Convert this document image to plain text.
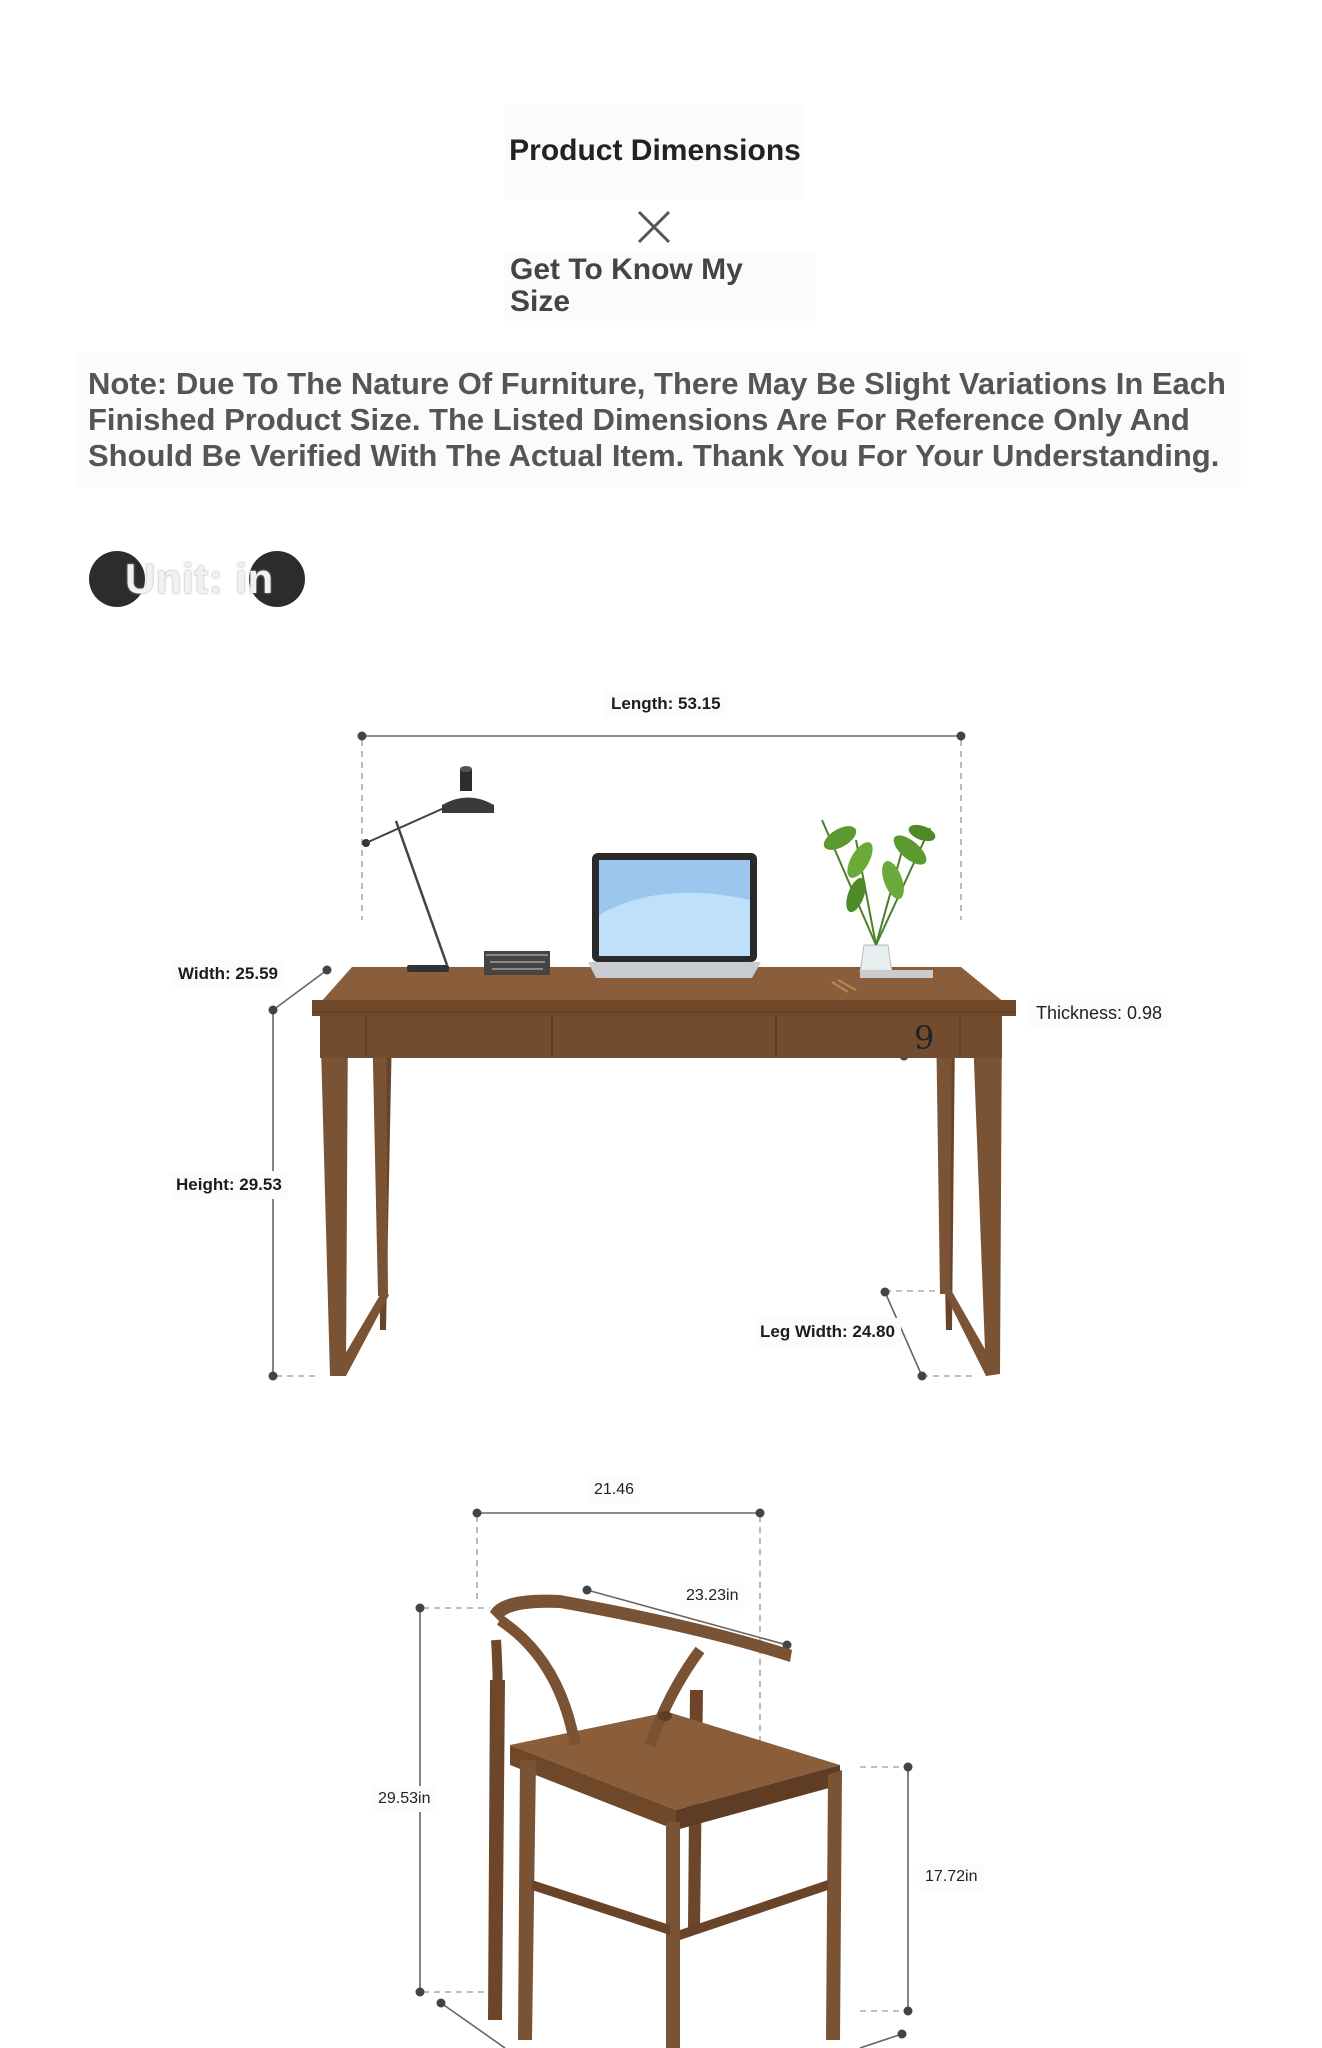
Product Dimensions
Get To Know My Size

Note: Due To The Nature Of Furniture, There May Be Slight Variations In Each Finished Product Size. The Listed Dimensions Are For Reference Only And Should Be Verified With The Actual Item. Thank You For Your Understanding.

Unit: in
Length: 53.15
Width: 25.59
Height: 29.53
Thickness: 0.98
Leg Width: 24.80
9
21.46
23.23in
29.53in
17.72in
